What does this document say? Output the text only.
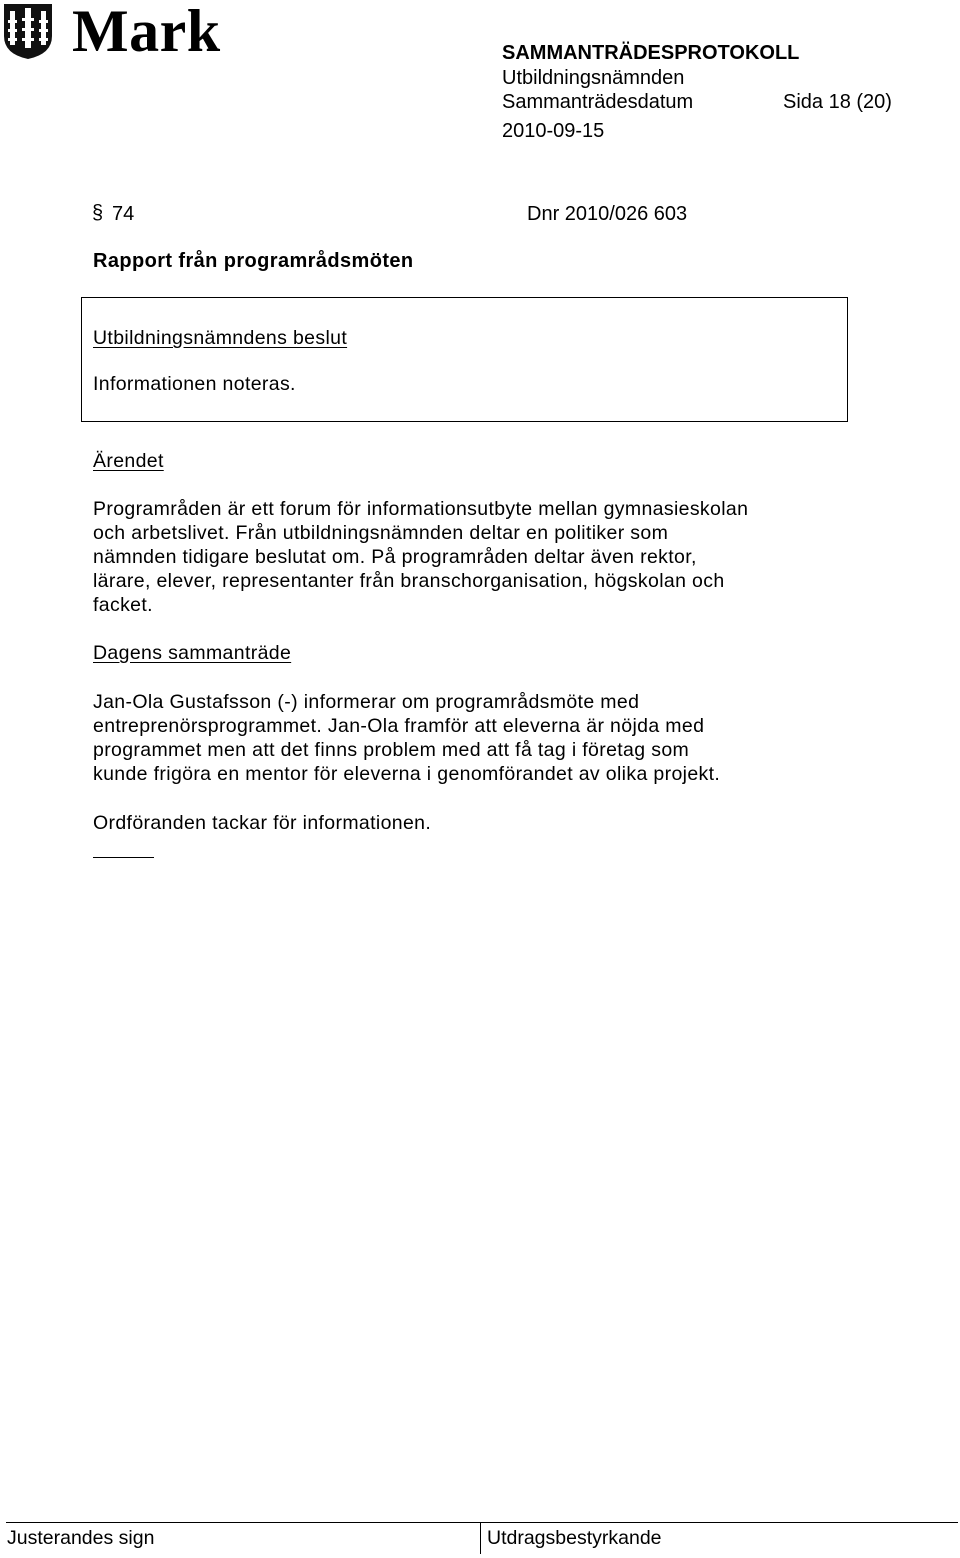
Mark	SAMMANTRÄDESPROTOKOLL
Utbildningsnämnden
Sammanträdesdatum	Sida 18 (20)
2010-09-15
§ 74	Dnr 2010/026 603
Rapport från programrådsmöten
Utbildningsnämndens beslut
Informationen noteras.
Ärendet
Programråden är ett forum för informationsutbyte mellan gymnasieskolan
och arbetslivet. Från utbildningsnämnden deltar en politiker som
nämnden tidigare beslutat om. På programråden deltar även rektor,
lärare, elever, representanter från branschorganisation, högskolan och
facket.
Dagens sammanträde
Jan-Ola Gustafsson (-) informerar om programrådsmöte med
entreprenörsprogrammet. Jan-Ola framför att eleverna är nöjda med
programmet men att det finns problem med att få tag i företag som
kunde frigöra en mentor för eleverna i genomförandet av olika projekt.
Ordföranden tackar för informationen.
Justerandes sign	Utdragsbestyrkande
